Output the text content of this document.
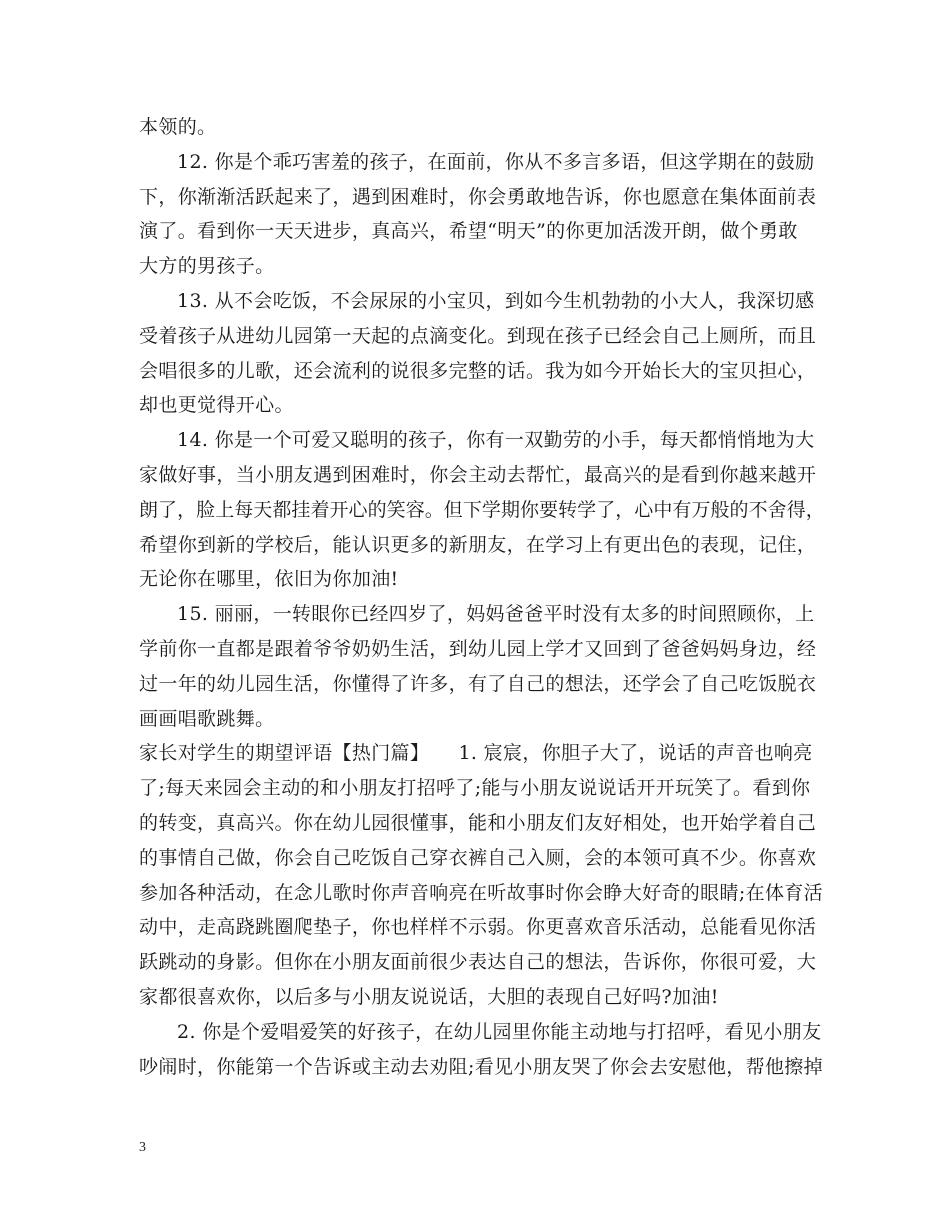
本领的。
12. 你是个乖巧害羞的孩子，在面前，你从不多言多语，但这学期在的鼓励
下，你渐渐活跃起来了，遇到困难时，你会勇敢地告诉，你也愿意在集体面前表
演了。看到你一天天进步，真高兴，希望“明天”的你更加活泼开朗，做个勇敢
大方的男孩子。
13. 从不会吃饭，不会尿尿的小宝贝，到如今生机勃勃的小大人，我深切感
受着孩子从进幼儿园第一天起的点滴变化。到现在孩子已经会自己上厕所，而且
会唱很多的儿歌，还会流利的说很多完整的话。我为如今开始长大的宝贝担心，
却也更觉得开心。
14. 你是一个可爱又聪明的孩子，你有一双勤劳的小手，每天都悄悄地为大
家做好事，当小朋友遇到困难时，你会主动去帮忙，最高兴的是看到你越来越开
朗了，脸上每天都挂着开心的笑容。但下学期你要转学了，心中有万般的不舍得，
希望你到新的学校后，能认识更多的新朋友，在学习上有更出色的表现，记住，
无论你在哪里，依旧为你加油!
15. 丽丽，一转眼你已经四岁了，妈妈爸爸平时没有太多的时间照顾你，上
学前你一直都是跟着爷爷奶奶生活，到幼儿园上学才又回到了爸爸妈妈身边，经
过一年的幼儿园生活，你懂得了许多，有了自己的想法，还学会了自己吃饭脱衣
画画唱歌跳舞。
家长对学生的期望评语【热门篇】　　1. 宸宸，你胆子大了，说话的声音也响亮
了;每天来园会主动的和小朋友打招呼了;能与小朋友说说话开开玩笑了。看到你
的转变，真高兴。你在幼儿园很懂事，能和小朋友们友好相处，也开始学着自己
的事情自己做，你会自己吃饭自己穿衣裤自己入厕，会的本领可真不少。你喜欢
参加各种活动，在念儿歌时你声音响亮在听故事时你会睁大好奇的眼睛;在体育活
动中，走高跷跳圈爬垫子，你也样样不示弱。你更喜欢音乐活动，总能看见你活
跃跳动的身影。但你在小朋友面前很少表达自己的想法，告诉你，你很可爱，大
家都很喜欢你，以后多与小朋友说说话，大胆的表现自己好吗?加油!
2. 你是个爱唱爱笑的好孩子，在幼儿园里你能主动地与打招呼，看见小朋友
吵闹时，你能第一个告诉或主动去劝阻;看见小朋友哭了你会去安慰他，帮他擦掉
3
